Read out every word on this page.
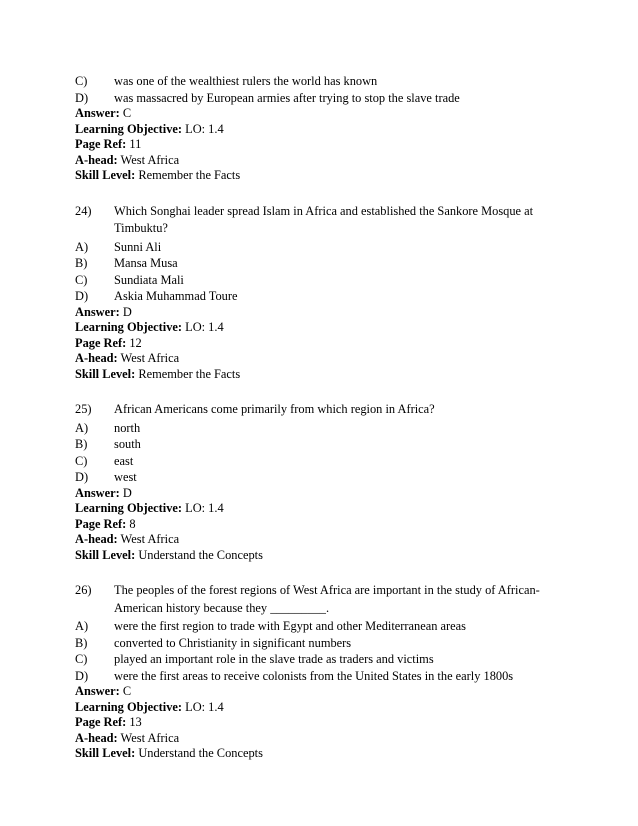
C)	was one of the wealthiest rulers the world has known
D)	was massacred by European armies after trying to stop the slave trade
Answer: C
Learning Objective: LO: 1.4
Page Ref: 11
A-head: West Africa
Skill Level: Remember the Facts
24)	Which Songhai leader spread Islam in Africa and established the Sankore Mosque at Timbuktu?
A)	Sunni Ali
B)	Mansa Musa
C)	Sundiata Mali
D)	Askia Muhammad Toure
Answer: D
Learning Objective: LO: 1.4
Page Ref: 12
A-head: West Africa
Skill Level: Remember the Facts
25)	African Americans come primarily from which region in Africa?
A)	north
B)	south
C)	east
D)	west
Answer: D
Learning Objective: LO: 1.4
Page Ref: 8
A-head: West Africa
Skill Level: Understand the Concepts
26)	The peoples of the forest regions of West Africa are important in the study of African-American history because they _________.
A)	were the first region to trade with Egypt and other Mediterranean areas
B)	converted to Christianity in significant numbers
C)	played an important role in the slave trade as traders and victims
D)	were the first areas to receive colonists from the United States in the early 1800s
Answer: C
Learning Objective: LO: 1.4
Page Ref: 13
A-head: West Africa
Skill Level: Understand the Concepts
